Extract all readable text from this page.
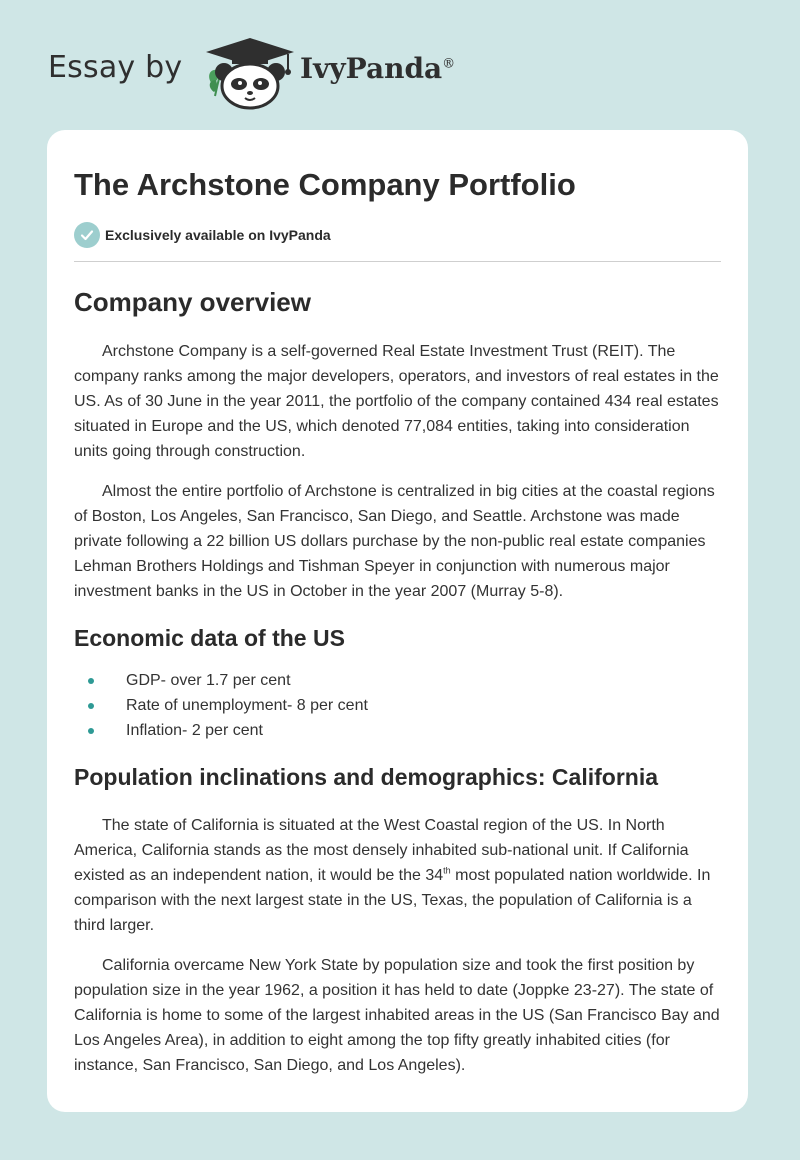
Essay by	IvyPanda®
The Archstone Company Portfolio
Exclusively available on IvyPanda
Company overview

Archstone Company is a self-governed Real Estate Investment Trust (REIT). The company ranks among the major developers, operators, and investors of real estates in the US. As of 30 June in the year 2011, the portfolio of the company contained 434 real estates situated in Europe and the US, which denoted 77,084 entities, taking into consideration units going through construction.

Almost the entire portfolio of Archstone is centralized in big cities at the coastal regions of Boston, Los Angeles, San Francisco, San Diego, and Seattle. Archstone was made private following a 22 billion US dollars purchase by the non-public real estate companies Lehman Brothers Holdings and Tishman Speyer in conjunction with numerous major investment banks in the US in October in the year 2007 (Murray 5-8).

Economic data of the US
GDP- over 1.7 per cent
Rate of unemployment- 8 per cent
Inflation- 2 per cent
Population inclinations and demographics: California

The state of California is situated at the West Coastal region of the US. In North America, California stands as the most densely inhabited sub-national unit. If California existed as an independent nation, it would be the 34th most populated nation worldwide. In comparison with the next largest state in the US, Texas, the population of California is a third larger.

California overcame New York State by population size and took the first position by population size in the year 1962, a position it has held to date (Joppke 23-27). The state of California is home to some of the largest inhabited areas in the US (San Francisco Bay and Los Angeles Area), in addition to eight among the top fifty greatly inhabited cities (for instance, San Francisco, San Diego, and Los Angeles).
